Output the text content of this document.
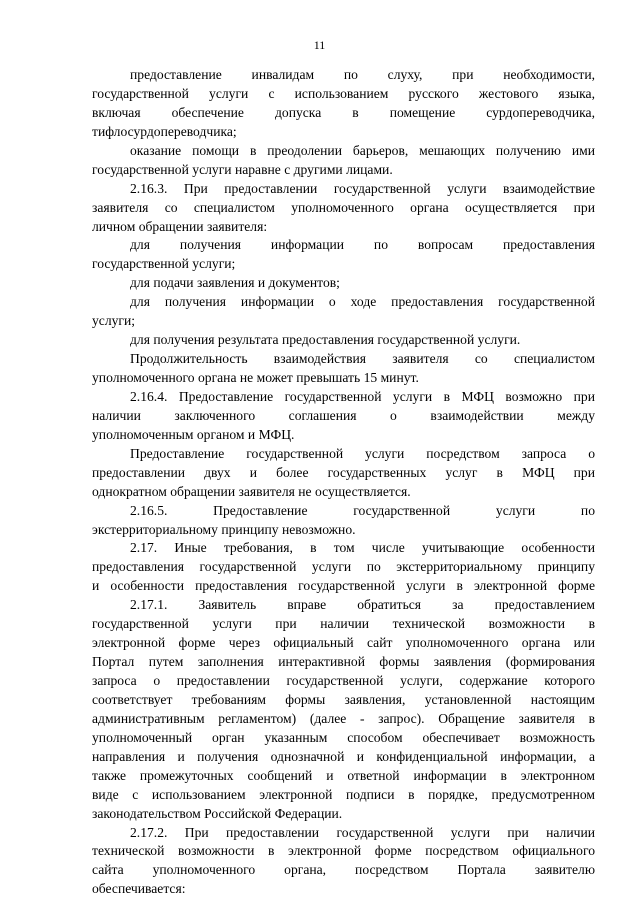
11
предоставление инвалидам по слуху, при необходимости,
государственной услуги с использованием русского жестового языка,
включая обеспечение допуска в помещение сурдопереводчика,
тифлосурдопереводчика;
оказание помощи в преодолении барьеров, мешающих получению ими
государственной услуги наравне с другими лицами.
2.16.3. При предоставлении государственной услуги взаимодействие
заявителя со специалистом уполномоченного органа осуществляется при
личном обращении заявителя:
для получения информации по вопросам предоставления
государственной услуги;
для подачи заявления и документов;
для получения информации о ходе предоставления государственной
услуги;
для получения результата предоставления государственной услуги.
Продолжительность взаимодействия заявителя со специалистом
уполномоченного органа не может превышать 15 минут.
2.16.4. Предоставление государственной услуги в МФЦ возможно при
наличии заключенного соглашения о взаимодействии между
уполномоченным органом и МФЦ.
Предоставление государственной услуги посредством запроса о
предоставлении двух и более государственных услуг в МФЦ при
однократном обращении заявителя не осуществляется.
2.16.5. Предоставление государственной услуги по
экстерриториальному принципу невозможно.
2.17. Иные требования, в том числе учитывающие особенности
предоставления государственной услуги по экстерриториальному принципу
и особенности предоставления государственной услуги в электронной форме
2.17.1. Заявитель вправе обратиться за предоставлением
государственной услуги при наличии технической возможности в
электронной форме через официальный сайт уполномоченного органа или
Портал путем заполнения интерактивной формы заявления (формирования
запроса о предоставлении государственной услуги, содержание которого
соответствует требованиям формы заявления, установленной настоящим
административным регламентом) (далее - запрос). Обращение заявителя в
уполномоченный орган указанным способом обеспечивает возможность
направления и получения однозначной и конфиденциальной информации, а
также промежуточных сообщений и ответной информации в электронном
виде с использованием электронной подписи в порядке, предусмотренном
законодательством Российской Федерации.
2.17.2. При предоставлении государственной услуги при наличии
технической возможности в электронной форме посредством официального
сайта уполномоченного органа, посредством Портала заявителю
обеспечивается:
